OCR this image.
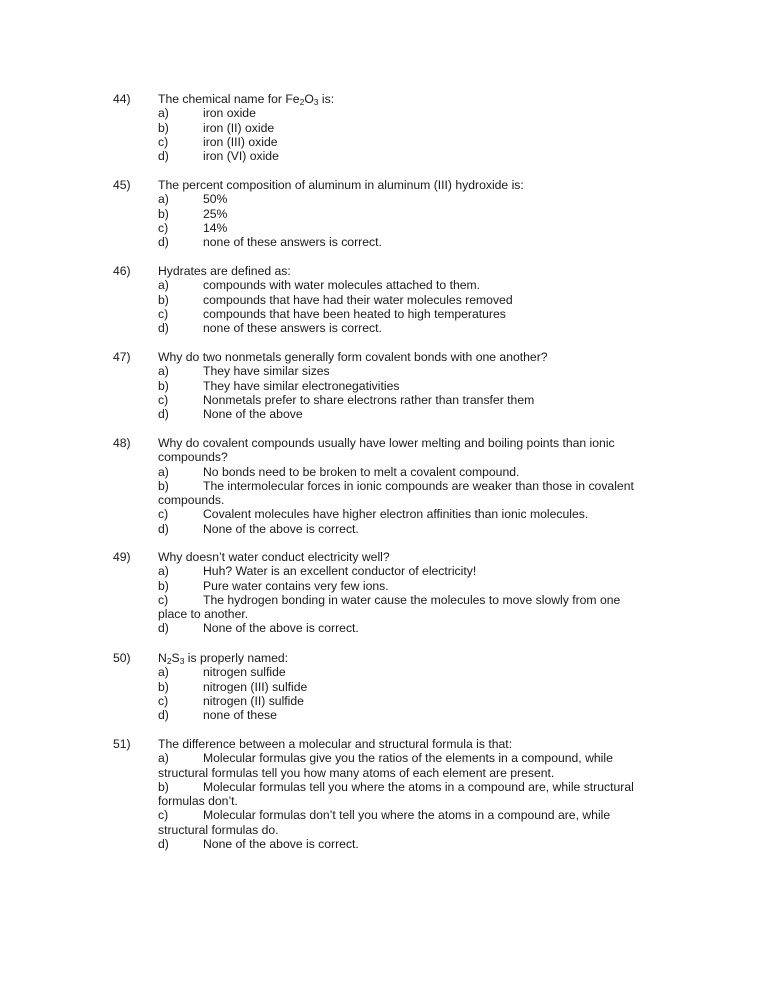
44) The chemical name for $Fe_2O_3$ is:
a)	iron oxide
b)	iron (II) oxide
c)	iron (III) oxide
d)	iron (VI) oxide
45) The percent composition of aluminum in aluminum (III) hydroxide is:
a)	50%
b)	25%
c)	14%
d)	none of these answers is correct.
46) Hydrates are defined as:
a)	compounds with water molecules attached to them.
b)	compounds that have had their water molecules removed
c)	compounds that have been heated to high temperatures
d)	none of these answers is correct.
47) Why do two nonmetals generally form covalent bonds with one another?
a)	They have similar sizes
b)	They have similar electronegativities
c)	Nonmetals prefer to share electrons rather than transfer them
d)	None of the above
48) Why do covalent compounds usually have lower melting and boiling points than ionic compounds?
a)	No bonds need to be broken to melt a covalent compound.
b)	The intermolecular forces in ionic compounds are weaker than those in covalent compounds.
c)	Covalent molecules have higher electron affinities than ionic molecules.
d)	None of the above is correct.
49) Why doesn’t water conduct electricity well?
a)	Huh? Water is an excellent conductor of electricity!
b)	Pure water contains very few ions.
c)	The hydrogen bonding in water cause the molecules to move slowly from one place to another.
d)	None of the above is correct.
50) $N_2S_3$ is properly named:
a)	nitrogen sulfide
b)	nitrogen (III) sulfide
c)	nitrogen (II) sulfide
d)	none of these
51) The difference between a molecular and structural formula is that:
a)	Molecular formulas give you the ratios of the elements in a compound, while structural formulas tell you how many atoms of each element are present.
b)	Molecular formulas tell you where the atoms in a compound are, while structural formulas don’t.
c)	Molecular formulas don’t tell you where the atoms in a compound are, while structural formulas do.
d)	None of the above is correct.
